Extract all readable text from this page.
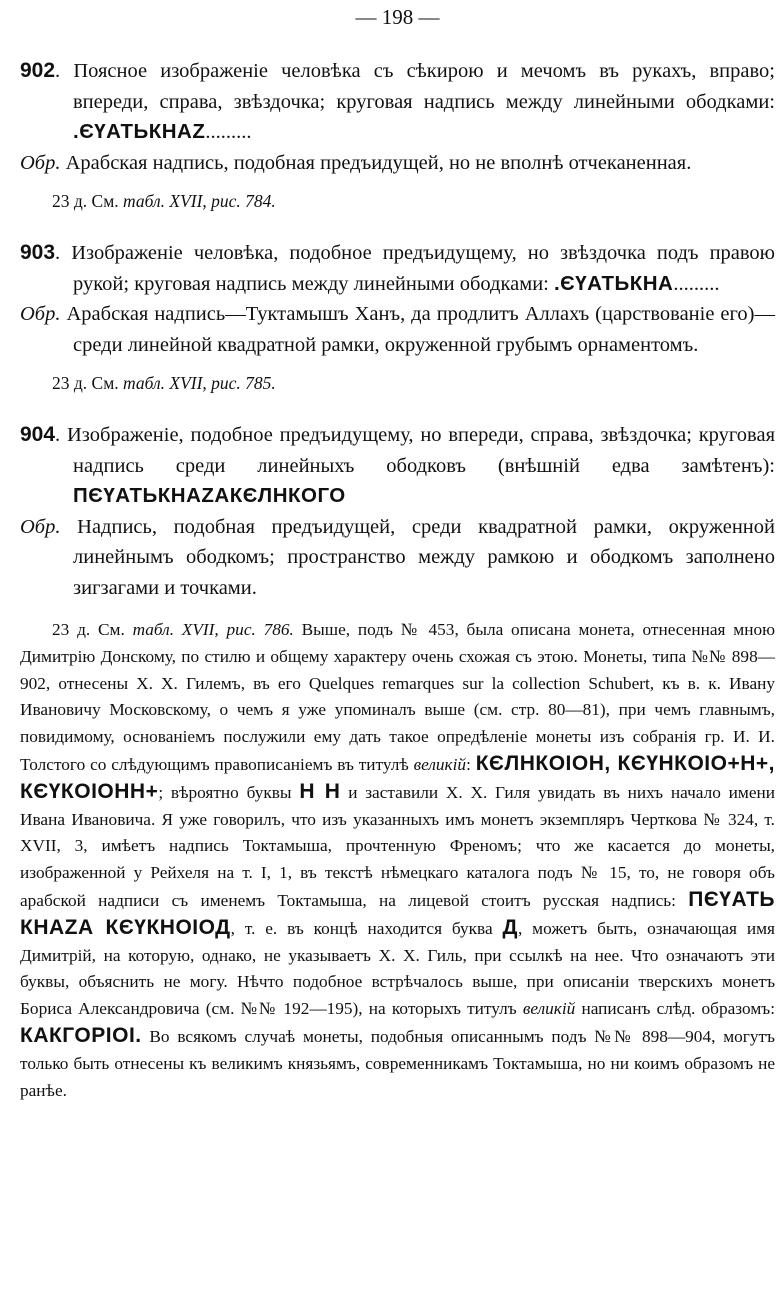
— 198 —
902. Поясное изображеніе человѣка съ сѣкирою и мечомъ въ рукахъ, вправо; впереди, справа, звѣздочка; круговая надпись между линейными ободками: .ЄҮАТЬКНАZ.........
Обр. Арабская надпись, подобная предъидущей, но не вполнѣ отчеканенная.
23 д. См. табл. XVII, рис. 784.
903. Изображеніе человѣка, подобное предъидущему, но звѣздочка подъ правою рукой; круговая надпись между линейными ободками: .ЄҮАТЬКНА.........
Обр. Арабская надпись—Туктамышъ Ханъ, да продлитъ Аллахъ (царствованіе его)—среди линейной квадратной рамки, окруженной грубымъ орнаментомъ.
23 д. См. табл. XVII, рис. 785.
904. Изображеніе, подобное предъидущему, но впереди, справа, звѣздочка; круговая надпись среди линейныхъ ободковъ (внѣшній едва замѣтенъ): ПЄҮАТЬКНАZАКЄЛНКОГО
Обр. Надпись, подобная предъидущей, среди квадратной рамки, окруженной линейнымъ ободкомъ; пространство между рамкою и ободкомъ заполнено зигзагами и точками.
23 д. См. табл. XVII, рис. 786. Выше, подъ № 453, была описана монета, отнесенная мною Димитрію Донскому, по стилю и общему характеру очень схожая съ этою. Монеты, типа №№ 898—902, отнесены Х. Х. Гилемъ, въ его Quelques remarques sur la collection Schubert, къ в. к. Ивану Ивановичу Московскому, о чемъ я уже упоминалъ выше (см. стр. 80—81), при чемъ главнымъ, повидимому, основаніемъ послужили ему дать такое опредѣленіе монеты изъ собранія гр. И. И. Толстого со слѣдующимъ правописаніемъ въ титулѣ великій: КЄЛНКОІОН, КЄҮНКОІО+Н+, КЄҮКОІОНН+; вѣроятно буквы Н Н и заставили Х. Х. Гиля увидать въ нихъ начало имени Ивана Ивановича. Я уже говорилъ, что изъ указанныхъ имъ монетъ экземпляръ Черткова № 324, т. XVII, 3, имѣетъ надпись Токтамыша, прочтенную Френомъ; что же касается до монеты, изображенной у Рейхеля на т. I, 1, въ текстѣ нѣмецкаго каталога подъ № 15, то, не говоря объ арабской надписи съ именемъ Токтамыша, на лицевой стоитъ русская надпись: ПЄҮАТЬ КНАZА КЄҮКНОІОД, т. е. въ концѣ находится буква Д, можетъ быть, означающая имя Димитрій, на которую, однако, не указываетъ Х. Х. Гиль, при ссылкѣ на нее. Что означаютъ эти буквы, объяснить не могу. Нѣчто подобное встрѣчалось выше, при описаніи тверскихъ монетъ Бориса Александровича (см. №№ 192—195), на которыхъ титулъ великій написанъ слѣд. образомъ: КАКГОРІОІ. Во всякомъ случаѣ монеты, подобныя описаннымъ подъ №№ 898—904, могутъ только быть отнесены къ великимъ князьямъ, современникамъ Токтамыша, но ни коимъ образомъ не ранѣе.
